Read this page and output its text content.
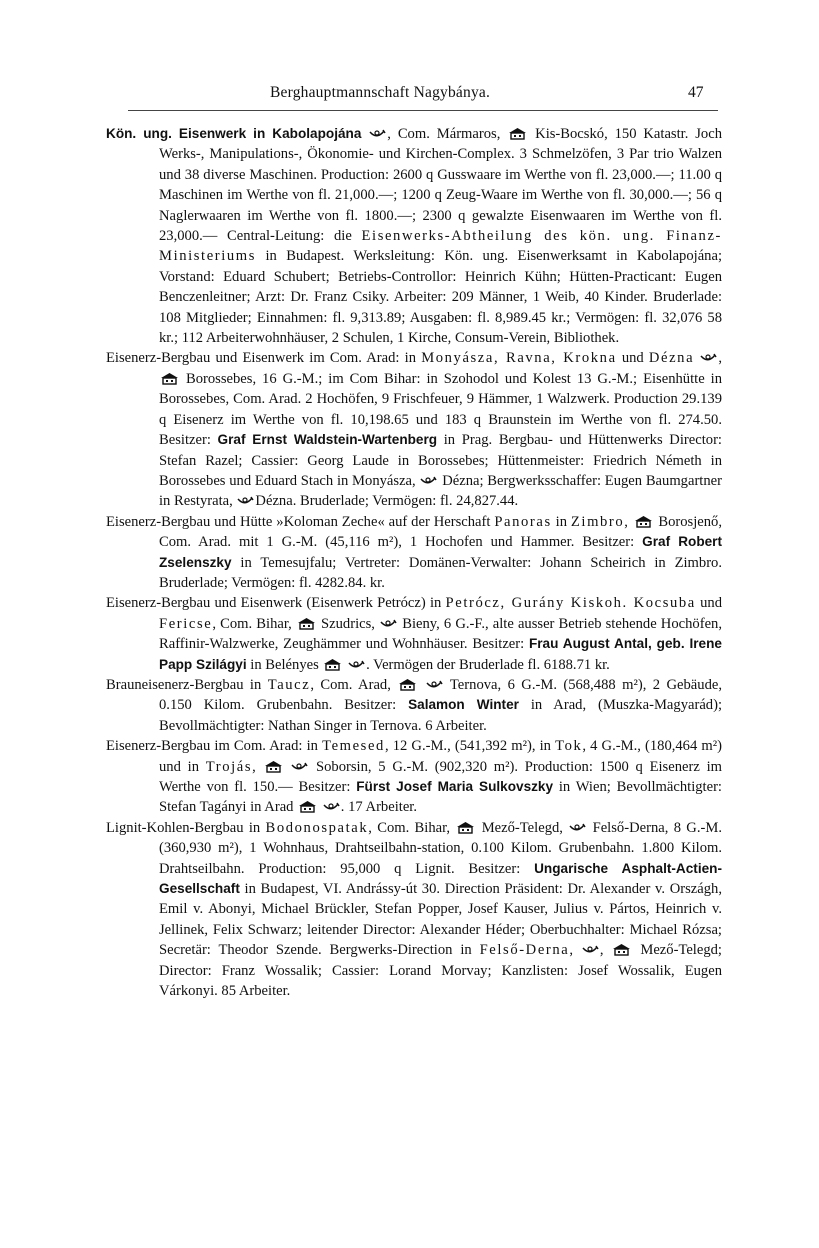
Berghauptmannschaft Nagybánya.	47

Kön. ung. Eisenwerk in Kabolapojána , Com. Mármaros,  Kis-Bocskó, 150 Katastr. Joch Werks-, Manipulations-, Ökonomie- und Kirchen-Complex. 3 Schmelzöfen, 3 Par trio Walzen und 38 diverse Maschinen. Production: 2600 q Gusswaare im Werthe von fl. 23,000.—; 11.00 q Maschinen im Werthe von fl. 21,000.—; 1200 q Zeug-Waare im Werthe von fl. 30,000.—; 56 q Naglerwaaren im Werthe von fl. 1800.—; 2300 q gewalzte Eisenwaaren im Werthe von fl. 23,000.— Central-Leitung: die Eisenwerks-Abtheilung des kön. ung. Finanz-Ministeriums in Budapest. Werksleitung: Kön. ung. Eisenwerksamt in Kabolapojána; Vorstand: Eduard Schubert; Betriebs-Controllor: Heinrich Kühn; Hütten-Practicant: Eugen Benczenleitner; Arzt: Dr. Franz Csiky. Arbeiter: 209 Männer, 1 Weib, 40 Kinder. Bruderlade: 108 Mitglieder; Einnahmen: fl. 9,313.89; Ausgaben: fl. 8,989.45 kr.; Vermögen: fl. 32,076 58 kr.; 112 Arbeiterwohnhäuser, 2 Schulen, 1 Kirche, Consum-Verein, Bibliothek.

Eisenerz-Bergbau und Eisenwerk im Com. Arad: in Monyásza, Ravna, Krokna und Dézna ,  Borossebes, 16 G.-M.; im Com Bihar: in Szohodol und Kolest 13 G.-M.; Eisenhütte in Borossebes, Com. Arad. 2 Hochöfen, 9 Frischfeuer, 9 Hämmer, 1 Walzwerk. Production 29.139 q Eisenerz im Werthe von fl. 10,198.65 und 183 q Braunstein im Werthe von fl. 274.50. Besitzer: Graf Ernst Waldstein-Wartenberg in Prag. Bergbau- und Hüttenwerks Director: Stefan Razel; Cassier: Georg Laude in Borossebes; Hüttenmeister: Friedrich Németh in Borossebes und Eduard Stach in Monyásza,  Dézna; Bergwerksschaffer: Eugen Baumgartner in Restyrata, Dézna. Bruderlade; Vermögen: fl. 24,827.44.

Eisenerz-Bergbau und Hütte »Koloman Zeche« auf der Herschaft Panoras in Zimbro,  Borosjenő, Com. Arad. mit 1 G.-M. (45,116 m²), 1 Hochofen und Hammer. Besitzer: Graf Robert Zselenszky in Temesujfalu; Vertreter: Domänen-Verwalter: Johann Scheirich in Zimbro. Bruderlade; Vermögen: fl. 4282.84. kr.

Eisenerz-Bergbau und Eisenwerk (Eisenwerk Petrócz) in Petrócz, Gurány Kiskoh. Kocsuba und Fericse, Com. Bihar,  Szudrics,  Bieny, 6 G.-F., alte ausser Betrieb stehende Hochöfen, Raffinir-Walzwerke, Zeughämmer und Wohnhäuser. Besitzer: Frau August Antal, geb. Irene Papp Szilágyi in Belényes	. Vermögen der Bruderlade fl. 6188.71 kr.

Brauneisenerz-Bergbau in Taucz, Com. Arad,	Ternova, 6 G.-M. (568,488 m²), 2 Gebäude, 0.150 Kilom. Grubenbahn. Besitzer: Salamon Winter in Arad, (Muszka-Magyarád); Bevollmächtigter: Nathan Singer in Ternova. 6 Arbeiter.

Eisenerz-Bergbau im Com. Arad: in Temesed, 12 G.-M., (541,392 m²), in Tok, 4 G.-M., (180,464 m²) und in Trojás,	Soborsin, 5 G.-M. (902,320 m²). Production: 1500 q Eisenerz im Werthe von fl. 150.— Besitzer: Fürst Josef Maria Sulkovszky in Wien; Bevollmächtigter: Stefan Tagányi in Arad	. 17 Arbeiter.

Lignit-Kohlen-Bergbau in Bodonospatak, Com. Bihar,  Mező-Telegd,  Felső-Derna, 8 G.-M. (360,930 m²), 1 Wohnhaus, Drahtseilbahn-station, 0.100 Kilom. Grubenbahn. 1.800 Kilom. Drahtseilbahn. Production: 95,000 q Lignit. Besitzer: Ungarische Asphalt-Actien-Gesellschaft in Budapest, VI. Andrássy-út 30. Direction Präsident: Dr. Alexander v. Országh, Emil v. Abonyi, Michael Brückler, Stefan Popper, Josef Kauser, Julius v. Pártos, Heinrich v. Jellinek, Felix Schwarz; leitender Director: Alexander Héder; Oberbuchhalter: Michael Rózsa; Secretär: Theodor Szende. Bergwerks-Direction in Felső-Derna, ,  Mező-Telegd; Director: Franz Wossalik; Cassier: Lorand Morvay; Kanzlisten: Josef Wossalik, Eugen Várkonyi. 85 Arbeiter.
